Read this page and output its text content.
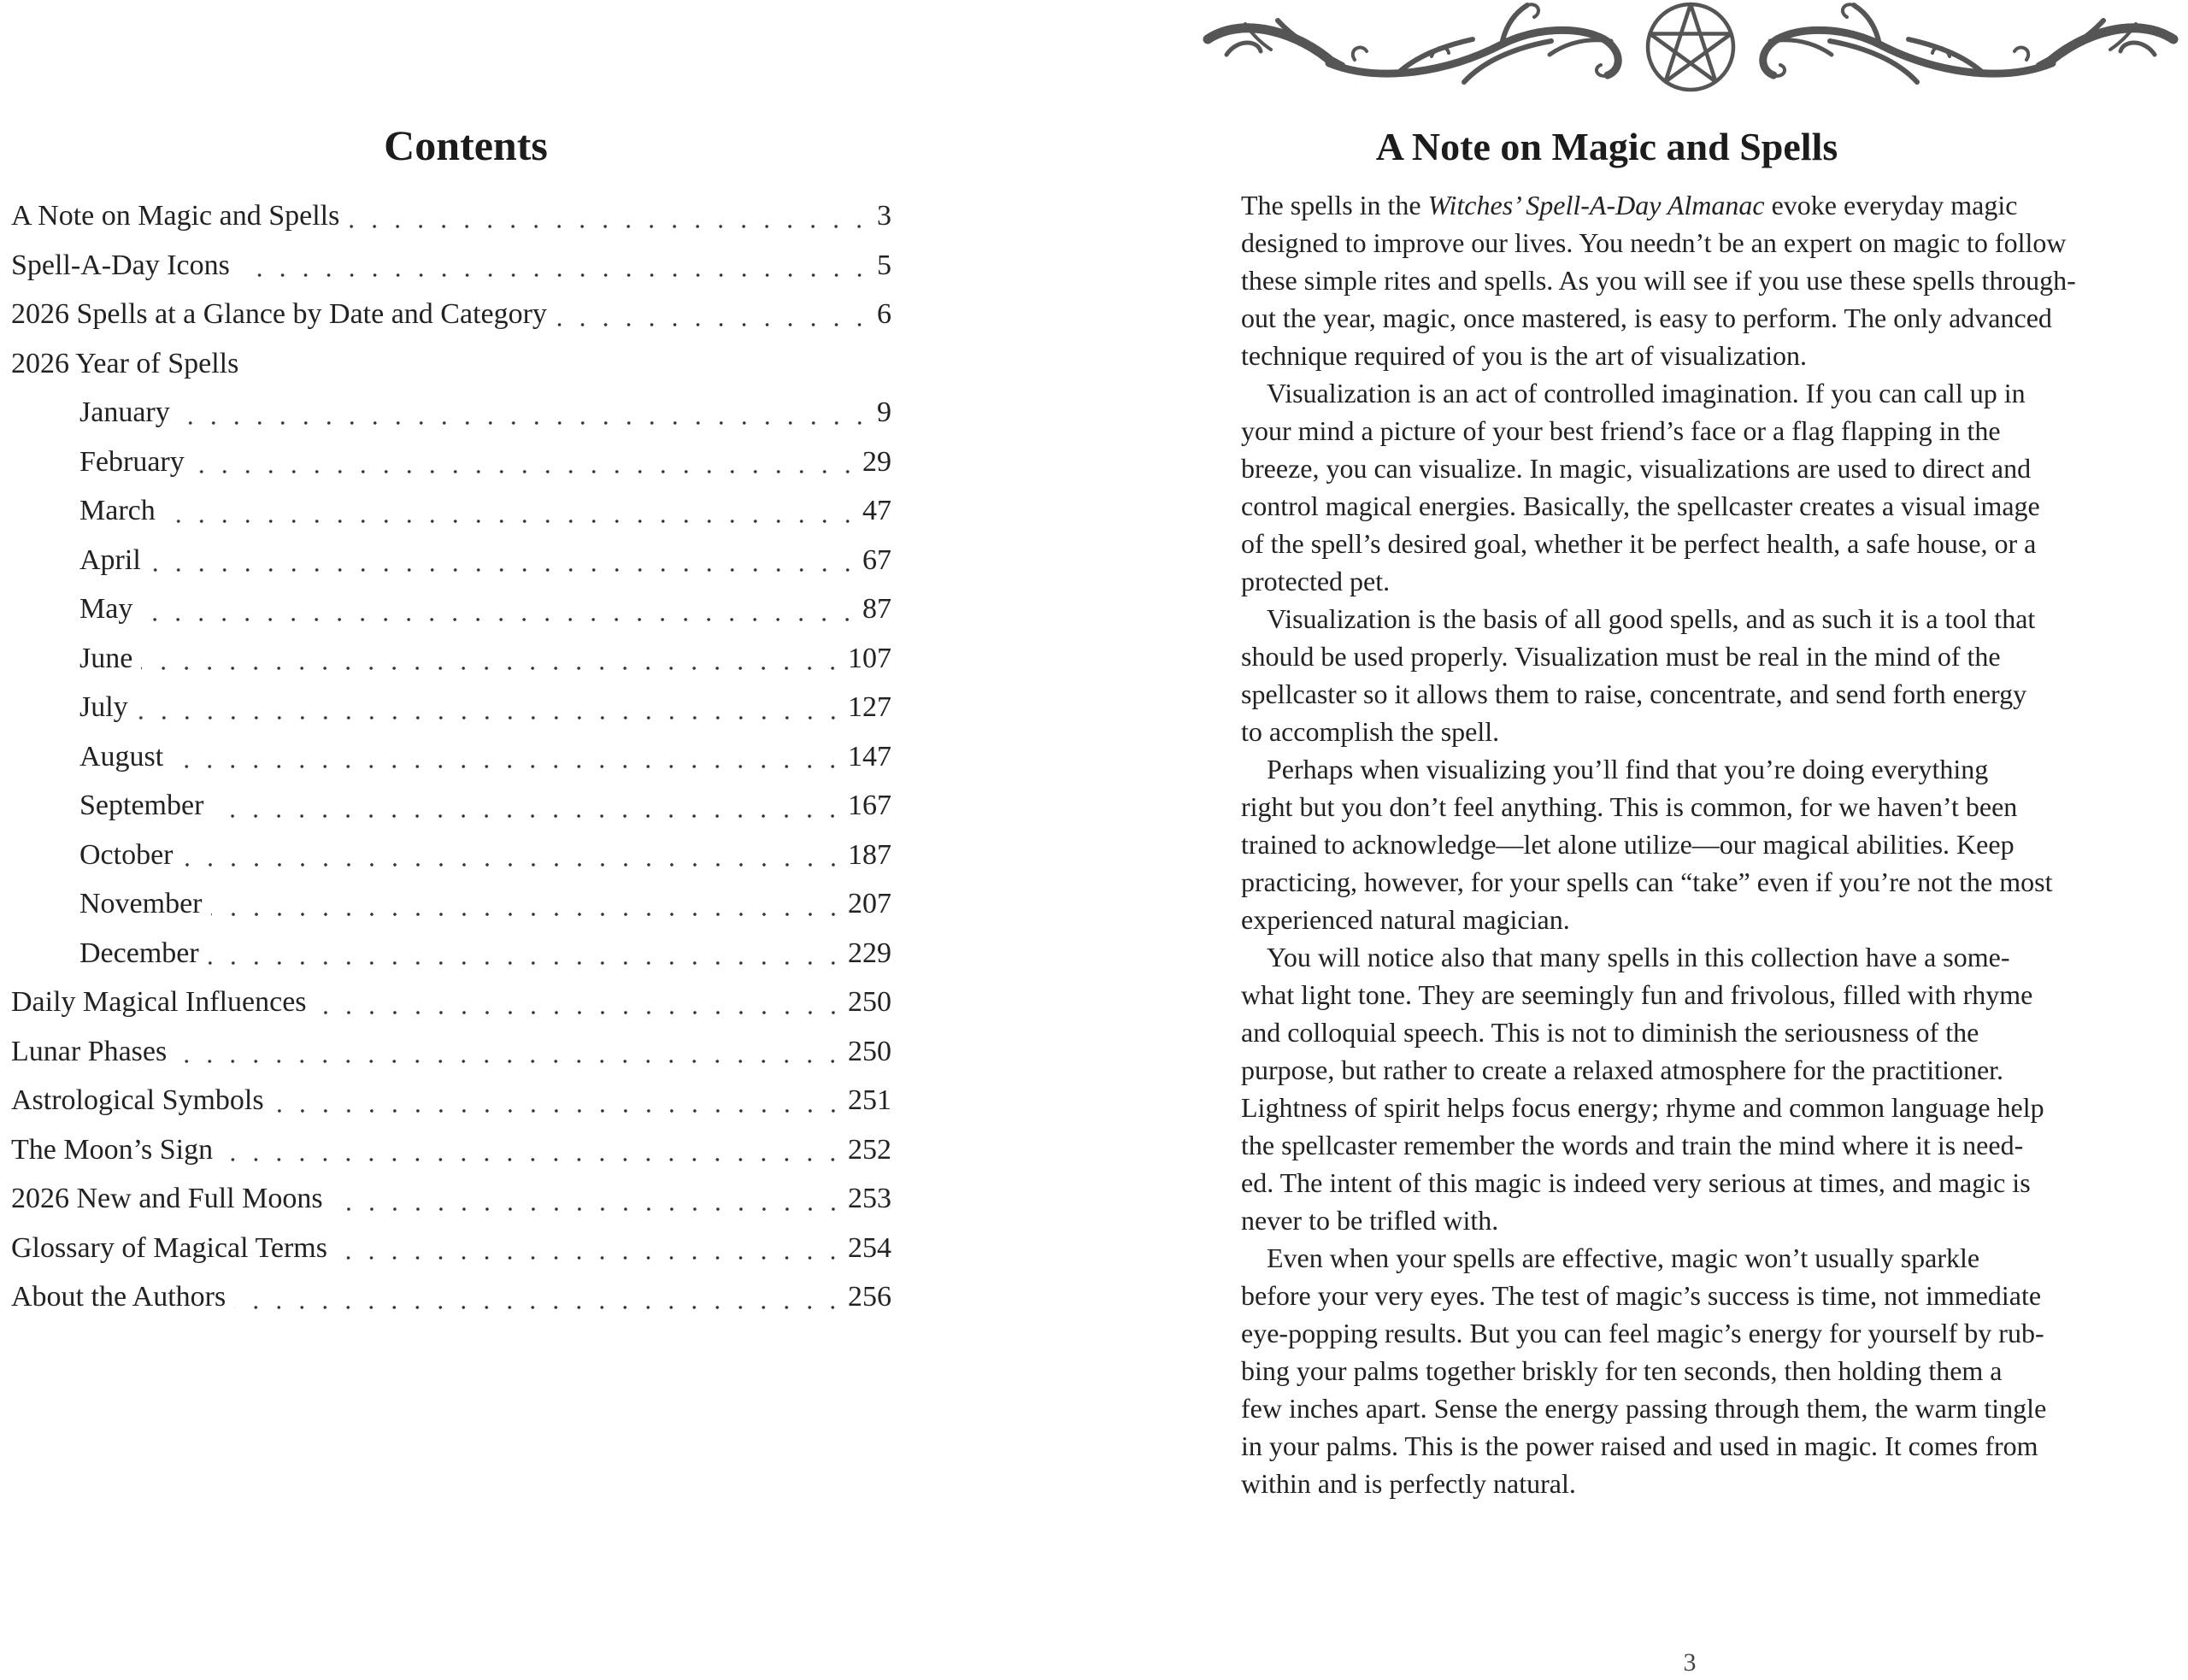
Contents
A Note on Magic and Spells	3
Spell-A-Day Icons	5
2026 Spells at a Glance by Date and Category	6
2026 Year of Spells
January	9
February	29
March	47
April	67
May	87
June	107
July	127
August	147
September	167
October	187
November	207
December	229
Daily Magical Influences	250
Lunar Phases	250
Astrological Symbols	251
The Moon’s Sign	252
2026 New and Full Moons	253
Glossary of Magical Terms	254
About the Authors	256
A Note on Magic and Spells
The spells in the Witches’ Spell-A-Day Almanac evoke everyday magic
designed to improve our lives. You needn’t be an expert on magic to follow
these simple rites and spells. As you will see if you use these spells through-
out the year, magic, once mastered, is easy to perform. The only advanced
technique required of you is the art of visualization.
Visualization is an act of controlled imagination. If you can call up in
your mind a picture of your best friend’s face or a flag flapping in the
breeze, you can visualize. In magic, visualizations are used to direct and
control magical energies. Basically, the spellcaster creates a visual image
of the spell’s desired goal, whether it be perfect health, a safe house, or a
protected pet.
Visualization is the basis of all good spells, and as such it is a tool that
should be used properly. Visualization must be real in the mind of the
spellcaster so it allows them to raise, concentrate, and send forth energy
to accomplish the spell.
Perhaps when visualizing you’ll find that you’re doing everything
right but you don’t feel anything. This is common, for we haven’t been
trained to acknowledge—let alone utilize—our magical abilities. Keep
practicing, however, for your spells can “take” even if you’re not the most
experienced natural magician.
You will notice also that many spells in this collection have a some-
what light tone. They are seemingly fun and frivolous, filled with rhyme
and colloquial speech. This is not to diminish the seriousness of the
purpose, but rather to create a relaxed atmosphere for the practitioner.
Lightness of spirit helps focus energy; rhyme and common language help
the spellcaster remember the words and train the mind where it is need-
ed. The intent of this magic is indeed very serious at times, and magic is
never to be trifled with.
Even when your spells are effective, magic won’t usually sparkle
before your very eyes. The test of magic’s success is time, not immediate
eye-popping results. But you can feel magic’s energy for yourself by rub-
bing your palms together briskly for ten seconds, then holding them a
few inches apart. Sense the energy passing through them, the warm tingle
in your palms. This is the power raised and used in magic. It comes from
within and is perfectly natural.
3
